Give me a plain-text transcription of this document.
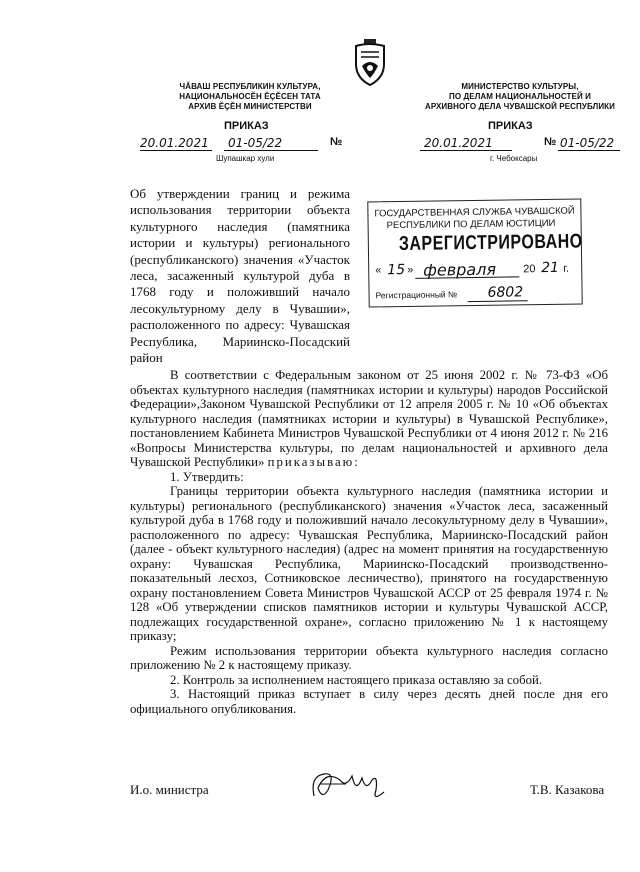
ЧĂВАШ РЕСПУБЛИКИН КУЛЬТУРА,
НАЦИОНАЛЬНОСĔН ĔÇĔСЕН ТАТА
АРХИВ ĔÇĔН МИНИСТЕРСТВИ
ПРИКАЗ
20.01.2021 01-05/22	№
Шупашкар хули
МИНИСТЕРСТВО КУЛЬТУРЫ,
ПО ДЕЛАМ НАЦИОНАЛЬНОСТЕЙ И
АРХИВНОГО ДЕЛА ЧУВАШСКОЙ РЕСПУБЛИКИ
ПРИКАЗ
20.01.2021	№ 01-05/22
г. Чебоксары
Об утверждении границ и режима использования территории объекта культурного наследия (памятника истории и культуры) регионального (республиканского) значения «Участок леса, засаженный культурой дуба в 1768 году и положивший начало лесокультурному делу в Чувашии», расположенного по адресу: Чувашская Республика, Мариинско-Посадский район
ГОСУДАРСТВЕННАЯ СЛУЖБА ЧУВАШСКОЙ
РЕСПУБЛИКИ ПО ДЕЛАМ ЮСТИЦИИ
ЗАРЕГИСТРИРОВАНО
« 15 » февраля 20 21 г.
Регистрационный № 6802

В соответствии с Федеральным законом от 25 июня 2002 г. № 73-ФЗ «Об объектах культурного наследия (памятниках истории и культуры) народов Российской Федерации»,Законом Чувашской Республики от 12 апреля 2005 г. № 10 «Об объектах культурного наследия (памятниках истории и культуры) в Чувашской Республике», постановлением Кабинета Министров Чувашской Республики от 4 июня 2012 г. № 216 «Вопросы Министерства культуры, по делам национальностей и архивного дела Чувашской Республики» приказываю:

1. Утвердить:

Границы территории объекта культурного наследия (памятника истории и культуры) регионального (республиканского) значения «Участок леса, засаженный культурой дуба в 1768 году и положивший начало лесокультурному делу в Чувашии», расположенного по адресу: Чувашская Республика, Мариинско-Посадский район (далее - объект культурного наследия) (адрес на момент принятия на государственную охрану: Чувашская Республика, Мариинско-Посадский производственно-показательный лесхоз, Сотниковское лесничество), принятого на государственную охрану постановлением Совета Министров Чувашской АССР от 25 февраля 1974 г. № 128 «Об утверждении списков памятников истории и культуры Чувашской АССР, подлежащих государственной охране», согласно приложению № 1 к настоящему приказу;

Режим использования территории объекта культурного наследия согласно приложению № 2 к настоящему приказу.

2. Контроль за исполнением настоящего приказа оставляю за собой.

3. Настоящий приказ вступает в силу через десять дней после дня его официального опубликования.

И.о. министра	Т.В. Казакова
